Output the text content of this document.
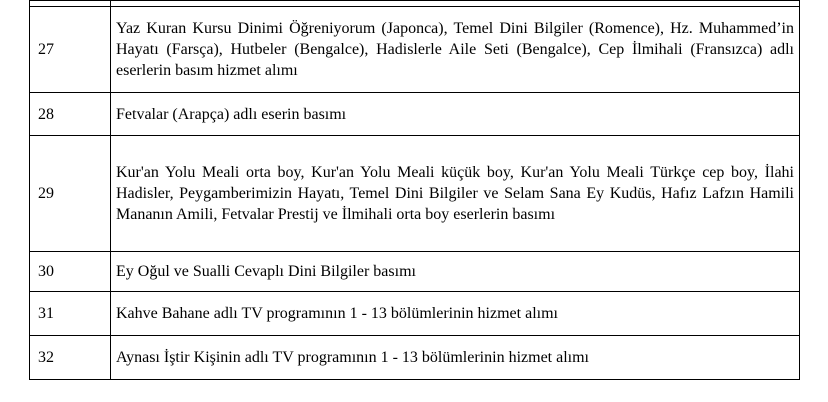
27	Yaz Kuran Kursu Dinimi Öğreniyorum (Japonca), Temel Dini Bilgiler (Romence), Hz. Muhammed’in Hayatı (Farsça), Hutbeler (Bengalce), Hadislerle Aile Seti (Bengalce), Cep İlmihali (Fransızca) adlı eserlerin basım hizmet alımı
28	Fetvalar (Arapça) adlı eserin basımı
29	Kur'an Yolu Meali orta boy, Kur'an Yolu Meali küçük boy, Kur'an Yolu Meali Türkçe cep boy, İlahi Hadisler, Peygamberimizin Hayatı, Temel Dini Bilgiler ve Selam Sana Ey Kudüs, Hafız Lafzın Hamili Mananın Amili, Fetvalar Prestij ve İlmihali orta boy eserlerin basımı
30	Ey Oğul ve Sualli Cevaplı Dini Bilgiler basımı
31	Kahve Bahane adlı TV programının 1 - 13 bölümlerinin hizmet alımı
32	Aynası İştir Kişinin adlı TV programının 1 - 13 bölümlerinin hizmet alımı
